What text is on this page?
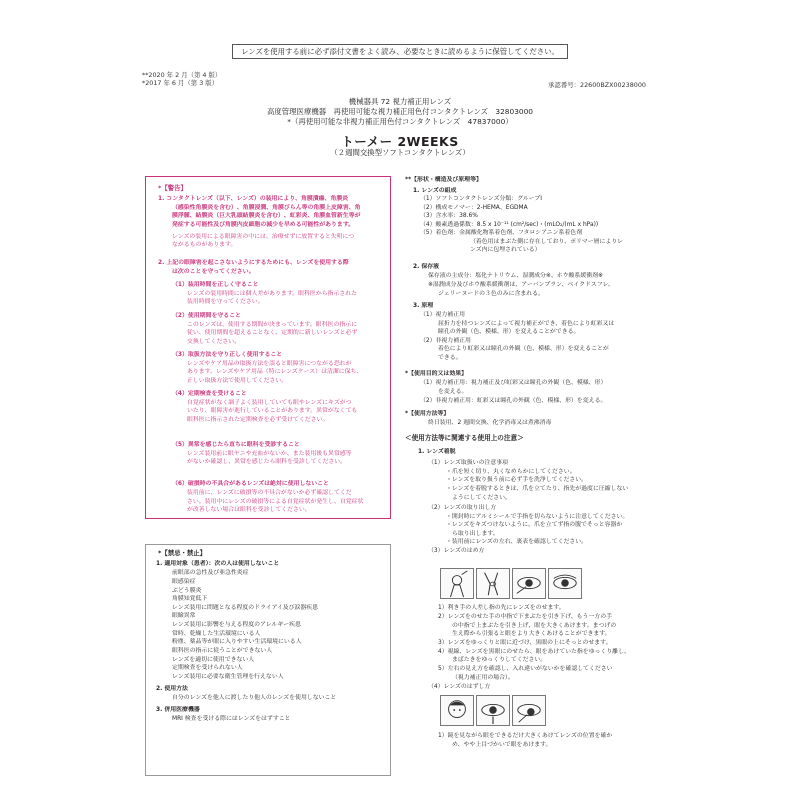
レンズを使用する前に必ず添付文書をよく読み、必要なときに読めるように保管してください。
**2020 年 2 月（第 4 版）
*2017 年 6 月（第 3 版）	承認番号：22600BZX00238000
機械器具 72 視力補正用レンズ
高度管理医療機器　再使用可能な視力補正用色付コンタクトレンズ　32803000
*（再使用可能な非視力補正用色付コンタクトレンズ　47837000）
トーメー 2WEEKS
（２週間交換型ソフトコンタクトレンズ）
*【警告】
1. コンタクトレンズ（以下、レンズ）の装用により、角膜潰瘍、角膜炎
（感染性角膜炎を含む）、角膜浸潤、角膜びらん等の角膜上皮障害、角
膜浮腫、結膜炎（巨大乳頭結膜炎を含む）、虹彩炎、角膜血管新生等が
発症する可能性及び角膜内皮細胞の減少を早める可能性があります。
レンズの装用による眼障害の中には、治療せずに放置すると失明につ
ながるものがあります。
2. 上記の眼障害を起こさないようにするためにも、レンズを使用する際
は次のことを守ってください。
（1）装用時間を正しく守ること
レンズの装用時間には個人差があります。眼科医から指示された
装用時間を守ってください。
（2）使用期間を守ること
このレンズは、使用する期間が決まっています。眼科医の指示に
従い、使用期間を超えることなく、定期的に新しいレンズと必ず
交換してください。
（3）取扱方法を守り正しく使用すること
レンズやケア用品の取扱方法を誤ると眼障害につながる恐れが
あります。レンズやケア用品（特にレンズケース）は清潔に保ち、
正しい取扱方法で使用してください。
（4）定期検査を受けること
自覚症状がなく調子よく装用していても眼やレンズにキズがつ
いたり、眼障害が進行していることがあります。異常がなくても
眼科医に指示された定期検査を必ず受けてください。
（5）異常を感じたら直ちに眼科を受診すること
レンズ装用前に眼ヤニや充血がないか、また装用後も異常感等
がないか確認し、異常を感じたら眼科を受診してください。
（6）破損時の不具合があるレンズは絶対に使用しないこと
装用前に、レンズに破損等の不具合がないか必ず確認してくだ
さい。装用中にレンズの破損等による自覚症状が発生し、自覚症状
が改善しない場合は眼科を受診してください。
*【禁忌・禁止】
1. 適用対象（患者）：次の人は使用しないこと
前眼部の急性及び亜急性炎症
眼感染症
ぶどう膜炎
角膜知覚低下
レンズ装用に問題となる程度のドライアイ及び涙器疾患
眼瞼異常
レンズ装用に影響を与える程度のアレルギー疾患
常時、乾燥した生活環境にいる人
粉塵、薬品等が眼に入りやすい生活環境にいる人
眼科医の指示に従うことができない人
レンズを適切に使用できない人
定期検査を受けられない人
レンズ装用に必要な衛生管理を行えない人
2. 使用方法
自分のレンズを他人に渡したり他人のレンズを使用しないこと
3. 併用医療機器
MRI 検査を受ける際にはレンズをはずすこと
**【形状・構造及び原理等】
1. レンズの組成
（1）ソフトコンタクトレンズ分類：グループⅠ
（2）構成モノマー：2-HEMA、EGDMA
（3）含水率：38.6%
（4）酸素透過係数：8.5 x 10⁻¹¹ (cm²/sec)・(mLO₂/(mL x hPa))
（5）着色剤：金属酸化物系着色剤、フタロシアニン系着色剤
（着色用はまぶた側に存在しており、ポリマー層によりレ
ンズ内に包埋されている）
2. 保存液
保存液の主成分：塩化ナトリウム、湿潤成分※、ホウ酸系緩衝剤※
※湿潤成分及びホウ酸系緩衝剤は、アーバンプラン、ベイクドスフレ、
ジェリーヌードの３色のみに含まれる。
3. 原理
（1）視力補正用
屈折力を持つレンズによって視力補正ができ、着色により虹彩又は
瞳孔の外観（色、模様、形）を変えることができる。
（2）非視力補正用
着色により虹彩又は瞳孔の外観（色、模様、形）を変えることが
できる。
*【使用目的又は効果】
（1）視力補正用：視力補正及び虹彩又は瞳孔の外観（色、模様、形）
を変える。
（2）非視力補正用：虹彩又は瞳孔の外観（色、模様、形）を変える。
*【使用方法等】
終日装用、2 週間交換、化学消毒又は煮沸消毒
＜使用方法等に関連する使用上の注意＞
1. レンズ着脱
（1）レンズ取扱いの注意事項
・爪を短く切り、丸くなめらかにしてください。
・レンズを取り扱う前に必ず手を洗浄してください。
・レンズを着脱するときは、爪を立てたり、指先が過度に圧縮しない
ようにしてください。
（2）レンズの取り出し方
・開封時にアルミシールで手指を切らないように注意してください。
・レンズをキズつけないように、爪を立てず指の腹でそっと容器か
ら取り出します。
・装用前にレンズの左右、裏表を確認してください。
（3）レンズのはめ方
1）利き手の人差し指の先にレンズをのせます。
2）レンズをのせた手の中指で下まぶたを引き下げ、もう一方の手
の中指で上まぶたを引き上げ、眼を大きくあけます。まつげの
生え際から引張ると眼をより大きくあけることができます。
3）レンズをゆっくりと眼に近づけ、黒眼の上にそっとのせます。
4）視線、レンズを黒眼にのせたら、眼をあけていた指をゆっくり離し、
まばたきをゆっくりしてください。
5）左右の見え方を確認し、入れ違いがないかを確認してください
（視力補正用の場合）。
（4）レンズのはずし方
1）鏡を見ながら眼をできるだけ大きくあけてレンズの位置を確か
め、やや上目づかいで眼をあけます。
